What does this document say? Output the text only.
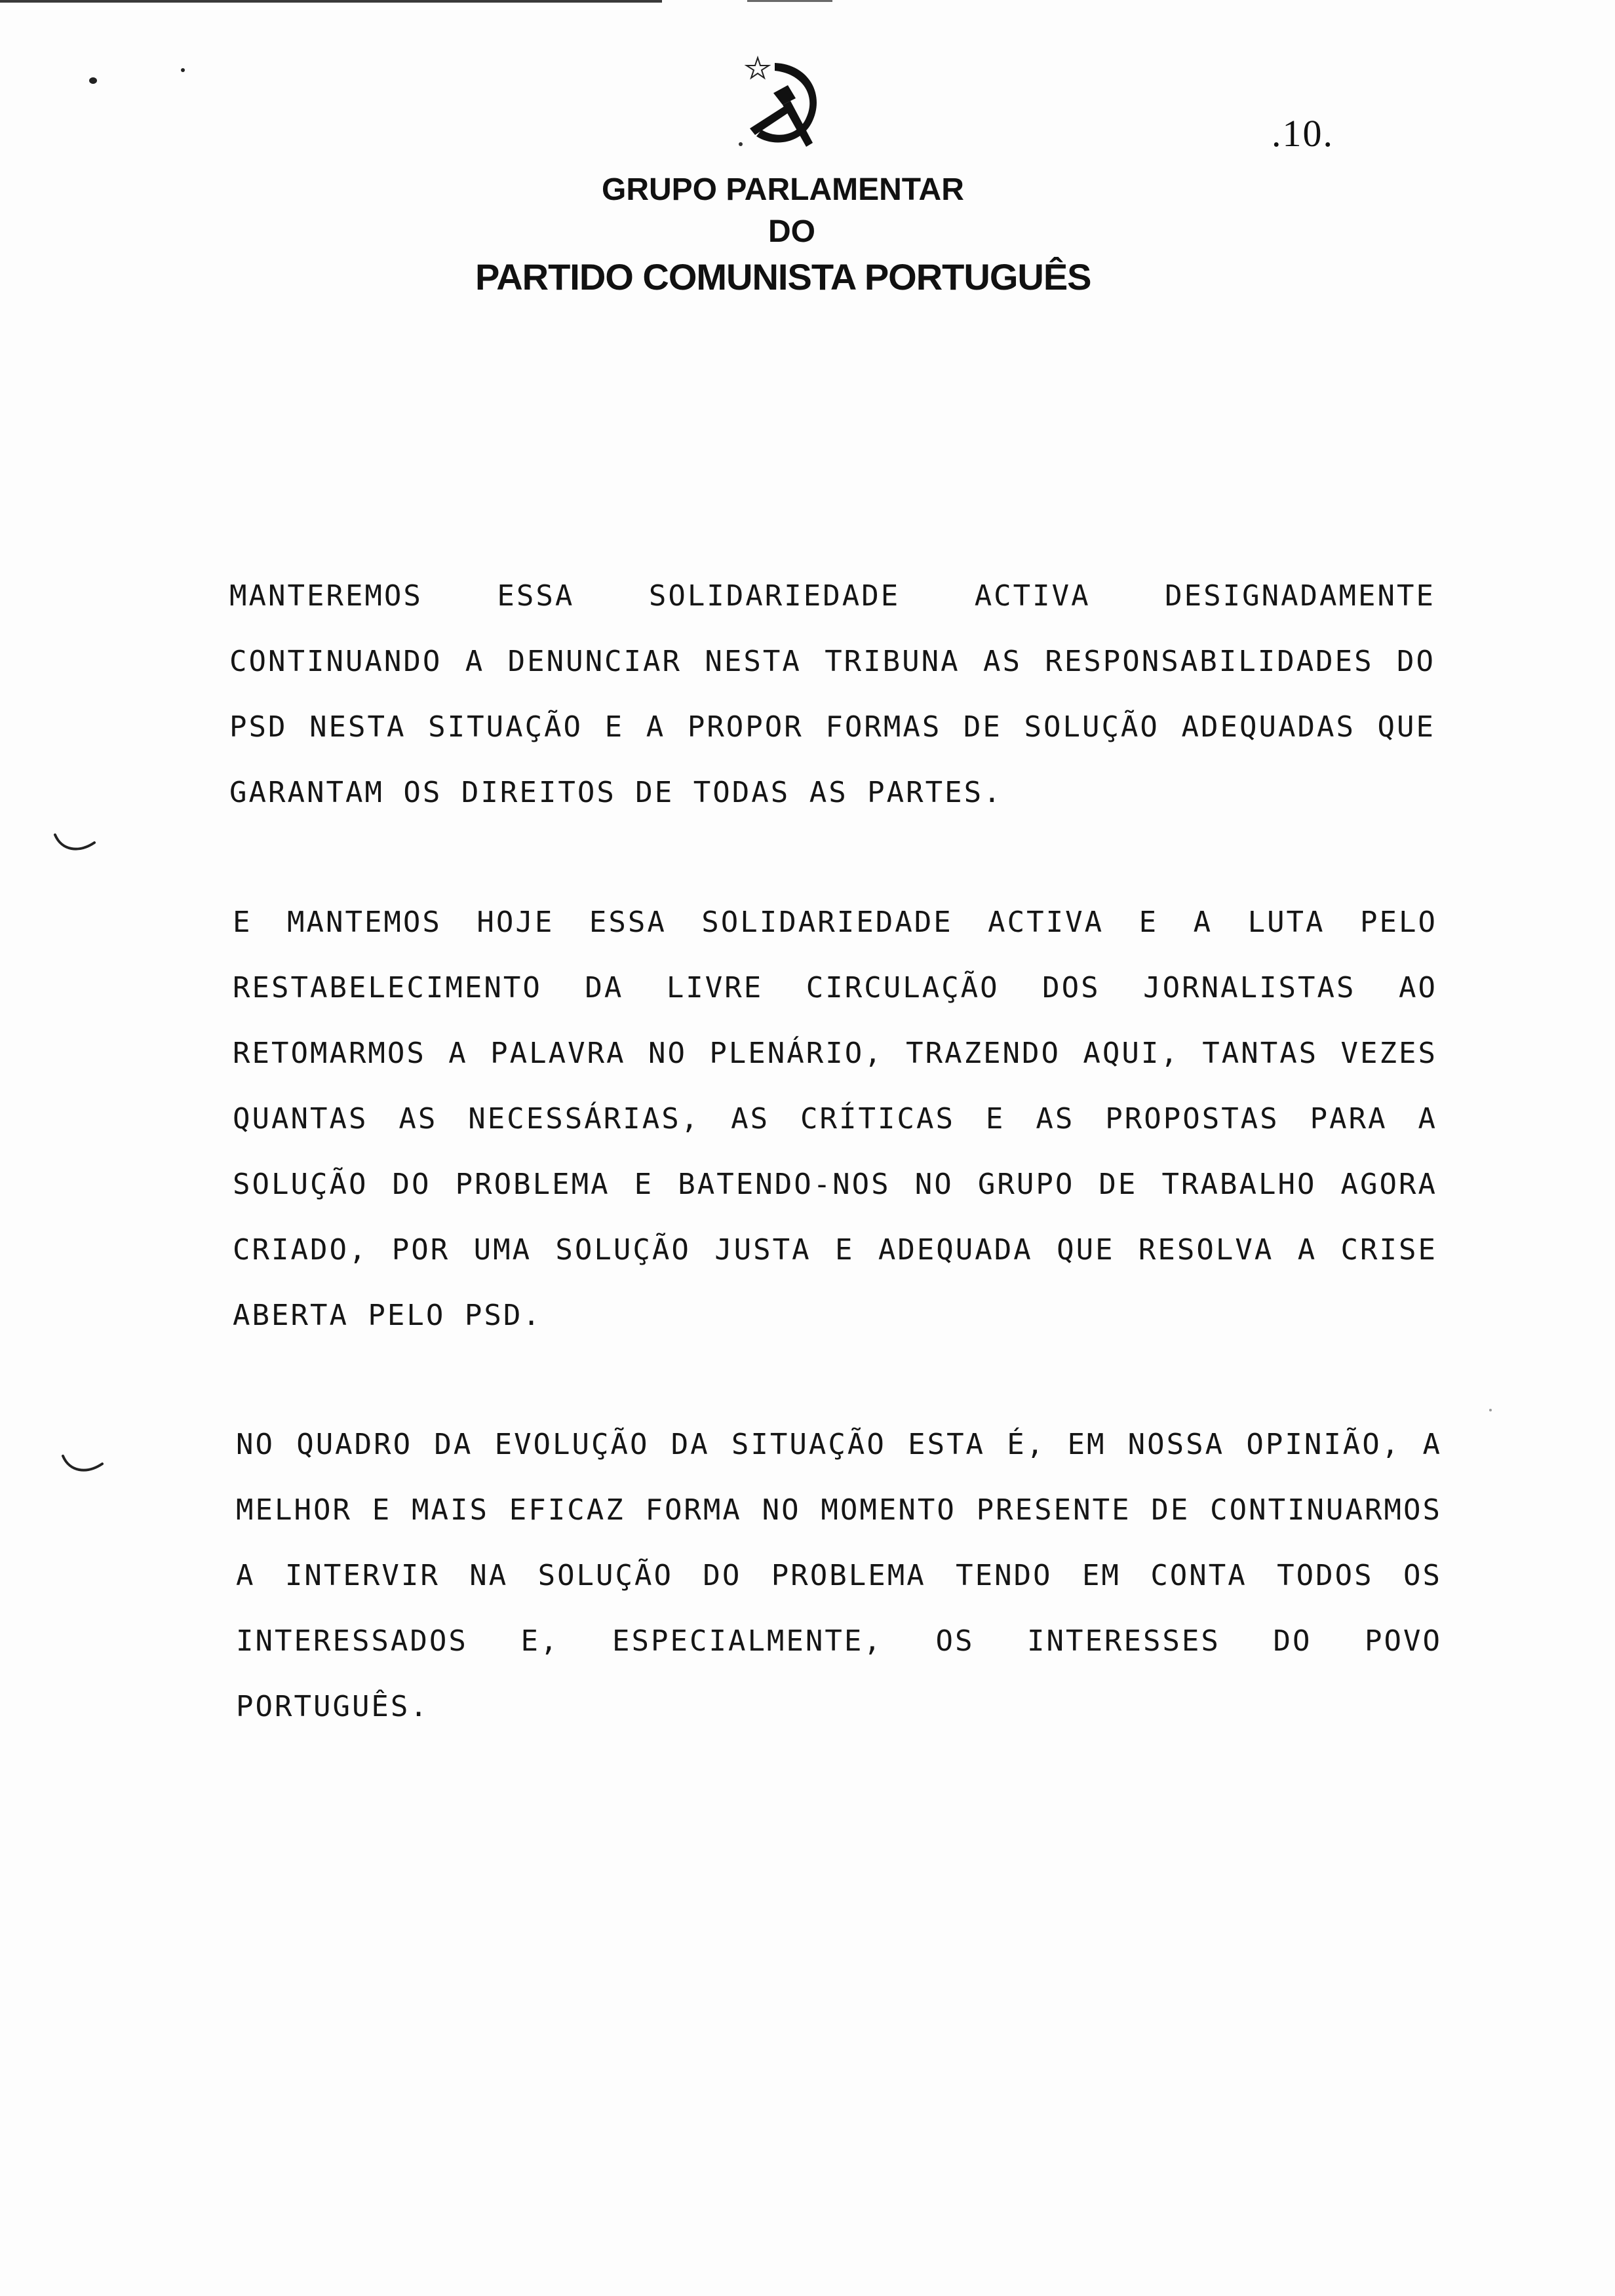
.10.
GRUPO PARLAMENTAR
DO
PARTIDO COMUNISTA PORTUGUÊS
MANTEREMOS ESSA SOLIDARIEDADE ACTIVA DESIGNADAMENTE CONTINUANDO A DENUNCIAR NESTA TRIBUNA AS RESPONSABILIDADES DO PSD NESTA SITUAÇÃO E A PROPOR FORMAS DE SOLUÇÃO ADEQUADAS QUE GARANTAM OS DIREITOS DE TODAS AS PARTES.
E MANTEMOS HOJE ESSA SOLIDARIEDADE ACTIVA E A LUTA PELO RESTABELECIMENTO DA LIVRE CIRCULAÇÃO DOS JORNALISTAS AO RETOMARMOS A PALAVRA NO PLENÁRIO, TRAZENDO AQUI, TANTAS VEZES QUANTAS AS NECESSÁRIAS, AS CRÍTICAS E AS PROPOSTAS PARA A SOLUÇÃO DO PROBLEMA E BATENDO-NOS NO GRUPO DE TRABALHO AGORA CRIADO, POR UMA SOLUÇÃO JUSTA E ADEQUADA QUE RESOLVA A CRISE ABERTA PELO PSD.
NO QUADRO DA EVOLUÇÃO DA SITUAÇÃO ESTA É, EM NOSSA OPINIÃO, A MELHOR E MAIS EFICAZ FORMA NO MOMENTO PRESENTE DE CONTINUARMOS A INTERVIR NA SOLUÇÃO DO PROBLEMA TENDO EM CONTA TODOS OS INTERESSADOS E, ESPECIALMENTE, OS INTERESSES DO POVO PORTUGUÊS.
